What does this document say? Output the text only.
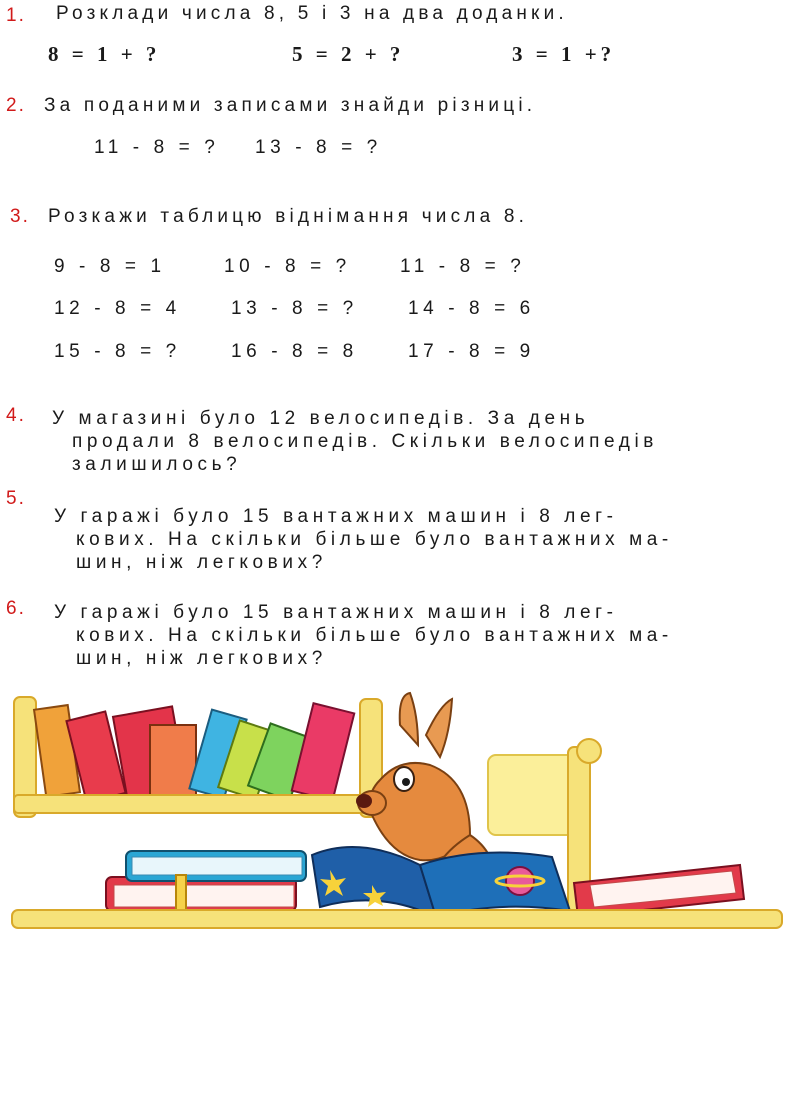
1. Розклади числа 8, 5 і 3 на два доданки.
8 = 1 + ?	5 = 2 + ?	3 = 1 +?
2. За поданими записами знайди різниці.
11 - 8 = ? 13 - 8 = ?
3. Розкажи таблицю віднімання числа 8.
9 - 8 = 1	10 - 8 = ?	11 - 8 = ?
12 - 8 = 4	13 - 8 = ?	14 - 8 = 6
15 - 8 = ?	16 - 8 = 8	17 - 8 = 9
4. У магазині було 12 велосипедів. За день
продали 8 велосипедів. Скільки велосипедів
залишилось?
5.
У гаражі було 15 вантажних машин і 8 лег-
кових. На скільки більше було вантажних ма-
шин, ніж легкових?
6. У гаражі було 15 вантажних машин і 8 лег-
кових. На скільки більше було вантажних ма-
шин, ніж легкових?
